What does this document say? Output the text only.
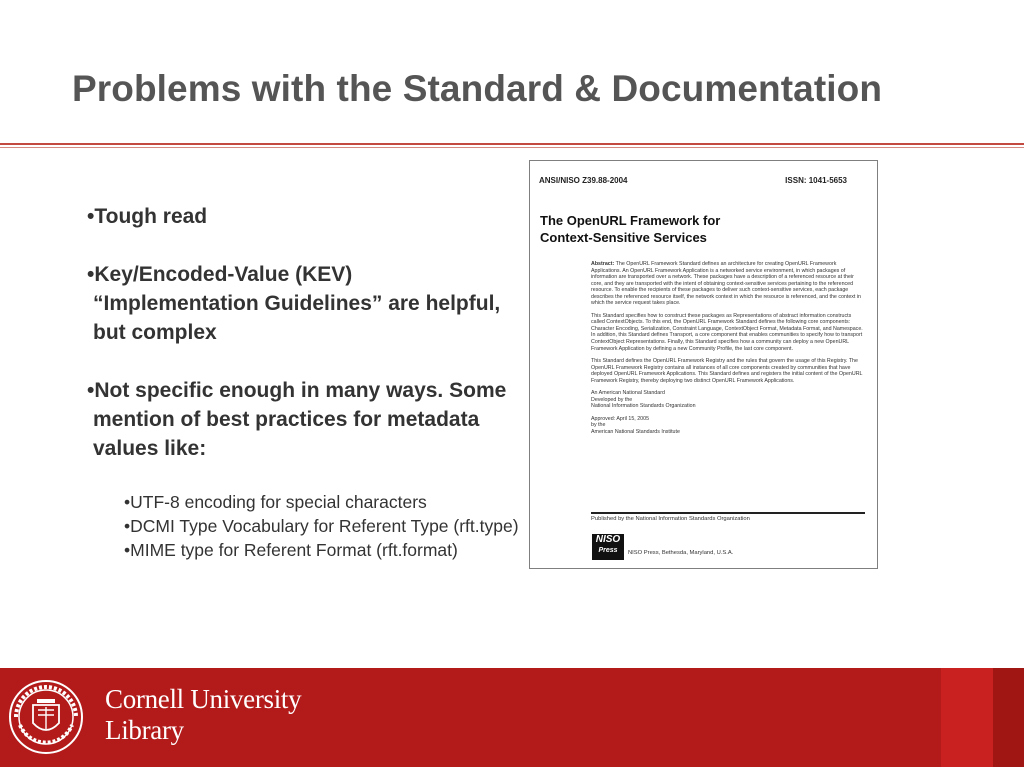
Problems with the Standard & Documentation
•Tough read
•Key/Encoded-Value (KEV) “Implementation Guidelines” are helpful, but complex
•Not specific enough in many ways. Some mention of best practices for metadata values like:
•UTF-8 encoding for special characters
•DCMI Type Vocabulary for Referent Type (rft.type)
•MIME type for Referent Format (rft.format)
ANSI/NISO Z39.88-2004	ISSN: 1041-5653
The OpenURL Framework for
Context-Sensitive Services

Abstract: The OpenURL Framework Standard defines an architecture for creating OpenURL Framework Applications. An OpenURL Framework Application is a networked service environment, in which packages of information are transported over a network. These packages have a description of a referenced resource at their core, and they are transported with the intent of obtaining context-sensitive services pertaining to the referenced resource. To enable the recipients of these packages to deliver such context-sensitive services, each package describes the referenced resource itself, the network context in which the resource is referenced, and the context in which the service request takes place.

This Standard specifies how to construct these packages as Representations of abstract information constructs called ContextObjects. To this end, the OpenURL Framework Standard defines the following core components: Character Encoding, Serialization, Constraint Language, ContextObject Format, Metadata Format, and Namespace. In addition, this Standard defines Transport, a core component that enables communities to specify how to transport ContextObject Representations. Finally, this Standard specifies how a community can deploy a new OpenURL Framework Application by defining a new Community Profile, the last core component.

This Standard defines the OpenURL Framework Registry and the rules that govern the usage of this Registry. The OpenURL Framework Registry contains all instances of all core components created by communities that have deployed OpenURL Framework Applications. This Standard defines and registers the initial content of the OpenURL Framework Registry, thereby deploying two distinct OpenURL Framework Applications.

An American National Standard
Developed by the
National Information Standards Organization

Approved: April 15, 2005
by the
American National Standards Institute

Published by the National Information Standards Organization
NISO
Press	NISO Press, Bethesda, Maryland, U.S.A.
Cornell University
Library
